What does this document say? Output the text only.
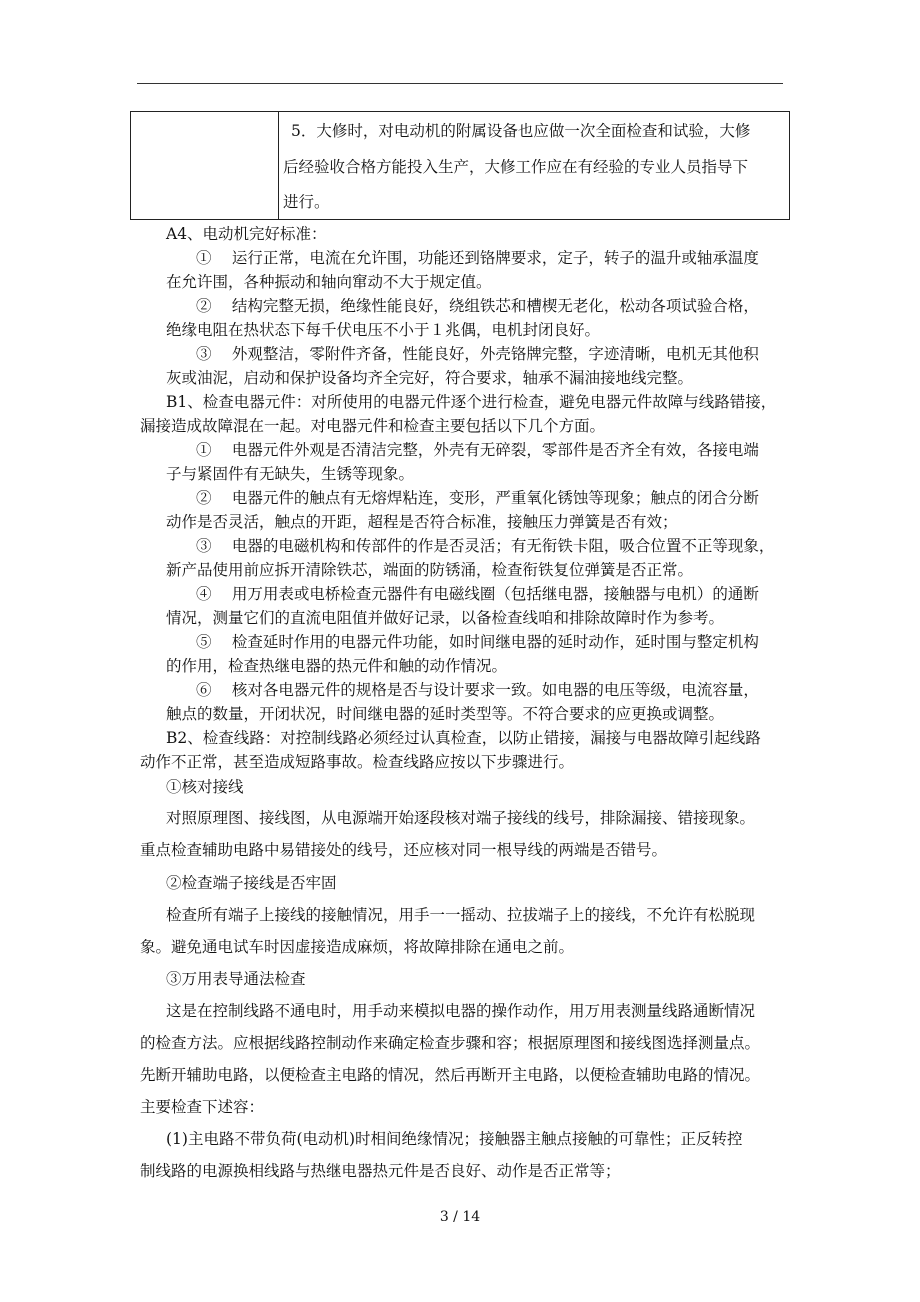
5．大修时，对电动机的附属设备也应做一次全面检查和试验，大修
后经验收合格方能投入生产，大修工作应在有经验的专业人员指导下
进行。
A4、电动机完好标准：
①　 运行正常，电流在允许围，功能还到铬牌要求，定子，转子的温升或轴承温度
在允许围，各种振动和轴向窜动不大于规定值。
②　 结构完整无损，绝缘性能良好，绕组铁芯和槽楔无老化，松动各项试验合格，
绝缘电阻在热状态下每千伏电压不小于１兆偶，电机封闭良好。
③　 外观整洁，零附件齐备，性能良好，外壳铬牌完整，字迹清晰，电机无其他积
灰或油泥，启动和保护设备均齐全完好，符合要求，轴承不漏油接地线完整。
B1、检查电器元件：对所使用的电器元件逐个进行检查，避免电器元件故障与线路错接，
漏接造成故障混在一起。对电器元件和检查主要包括以下几个方面。
①　 电器元件外观是否清洁完整，外壳有无碎裂，零部件是否齐全有效，各接电端
子与紧固件有无缺失，生锈等现象。
②　 电器元件的触点有无熔焊粘连，变形，严重氧化锈蚀等现象；触点的闭合分断
动作是否灵活，触点的开距，超程是否符合标准，接触压力弹簧是否有效；
③　 电器的电磁机构和传部件的作是否灵活；有无衔铁卡阻，吸合位置不正等现象，
新产品使用前应拆开清除铁芯，端面的防锈涌，检查衔铁复位弹簧是否正常。
④　 用万用表或电桥检查元器件有电磁线圈（包括继电器，接触器与电机）的通断
情况，测量它们的直流电阻值并做好记录，以备检查线咱和排除故障时作为参考。
⑤　 检查延时作用的电器元件功能，如时间继电器的延时动作，延时围与整定机构
的作用，检查热继电器的热元件和触的动作情况。
⑥　 核对各电器元件的规格是否与设计要求一致。如电器的电压等级，电流容量，
触点的数量，开闭状况，时间继电器的延时类型等。不符合要求的应更换或调整。
B2、检查线路：对控制线路必须经过认真检查，以防止错接，漏接与电器故障引起线路
动作不正常，甚至造成短路事故。检查线路应按以下步骤进行。
①核对接线
对照原理图、接线图，从电源端开始逐段核对端子接线的线号，排除漏接、错接现象。
重点检查辅助电路中易错接处的线号，还应核对同一根导线的两端是否错号。
②检查端子接线是否牢固
检查所有端子上接线的接触情况，用手一一摇动、拉拔端子上的接线，不允许有松脱现
象。避免通电试车时因虚接造成麻烦，将故障排除在通电之前。
③万用表导通法检查
这是在控制线路不通电时，用手动来模拟电器的操作动作，用万用表测量线路通断情况
的检查方法。应根据线路控制动作来确定检查步骤和容；根据原理图和接线图选择测量点。
先断开辅助电路，以便检查主电路的情况，然后再断开主电路，以便检查辅助电路的情况。
主要检查下述容：
(1)主电路不带负荷(电动机)时相间绝缘情况；接触器主触点接触的可靠性；正反转控
制线路的电源换相线路与热继电器热元件是否良好、动作是否正常等；
3 / 14
